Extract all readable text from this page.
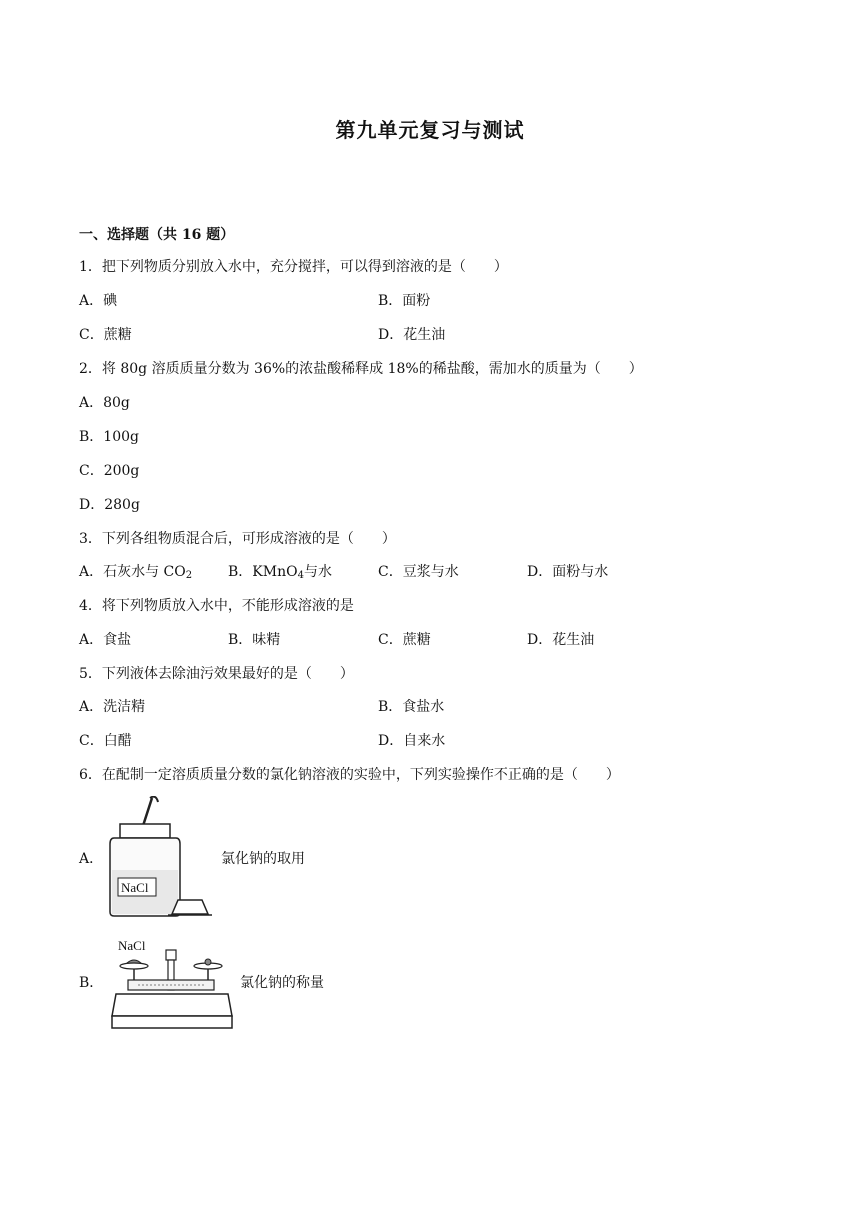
第九单元复习与测试
一、选择题（共 16 题）
1．把下列物质分别放入水中，充分搅拌，可以得到溶液的是（　　）
A．碘	B．面粉
C．蔗糖	D．花生油
2．将 80g 溶质质量分数为 36%的浓盐酸稀释成 18%的稀盐酸，需加水的质量为（　　）
A．80g
B．100g
C．200g
D．280g
3．下列各组物质混合后，可形成溶液的是（　　）
A．石灰水与 $CO_2$	B．KMnO$_4$与水	C．豆浆与水	D．面粉与水
4．将下列物质放入水中，不能形成溶液的是
A．食盐	B．味精	C．蔗糖	D．花生油
5．下列液体去除油污效果最好的是（　　）
A．洗洁精	B．食盐水
C．白醋	D．自来水
6．在配制一定溶质质量分数的氯化钠溶液的实验中，下列实验操作不正确的是（　　）
A．
NaCl
氯化钠的取用
B．
NaCl
氯化钠的称量
